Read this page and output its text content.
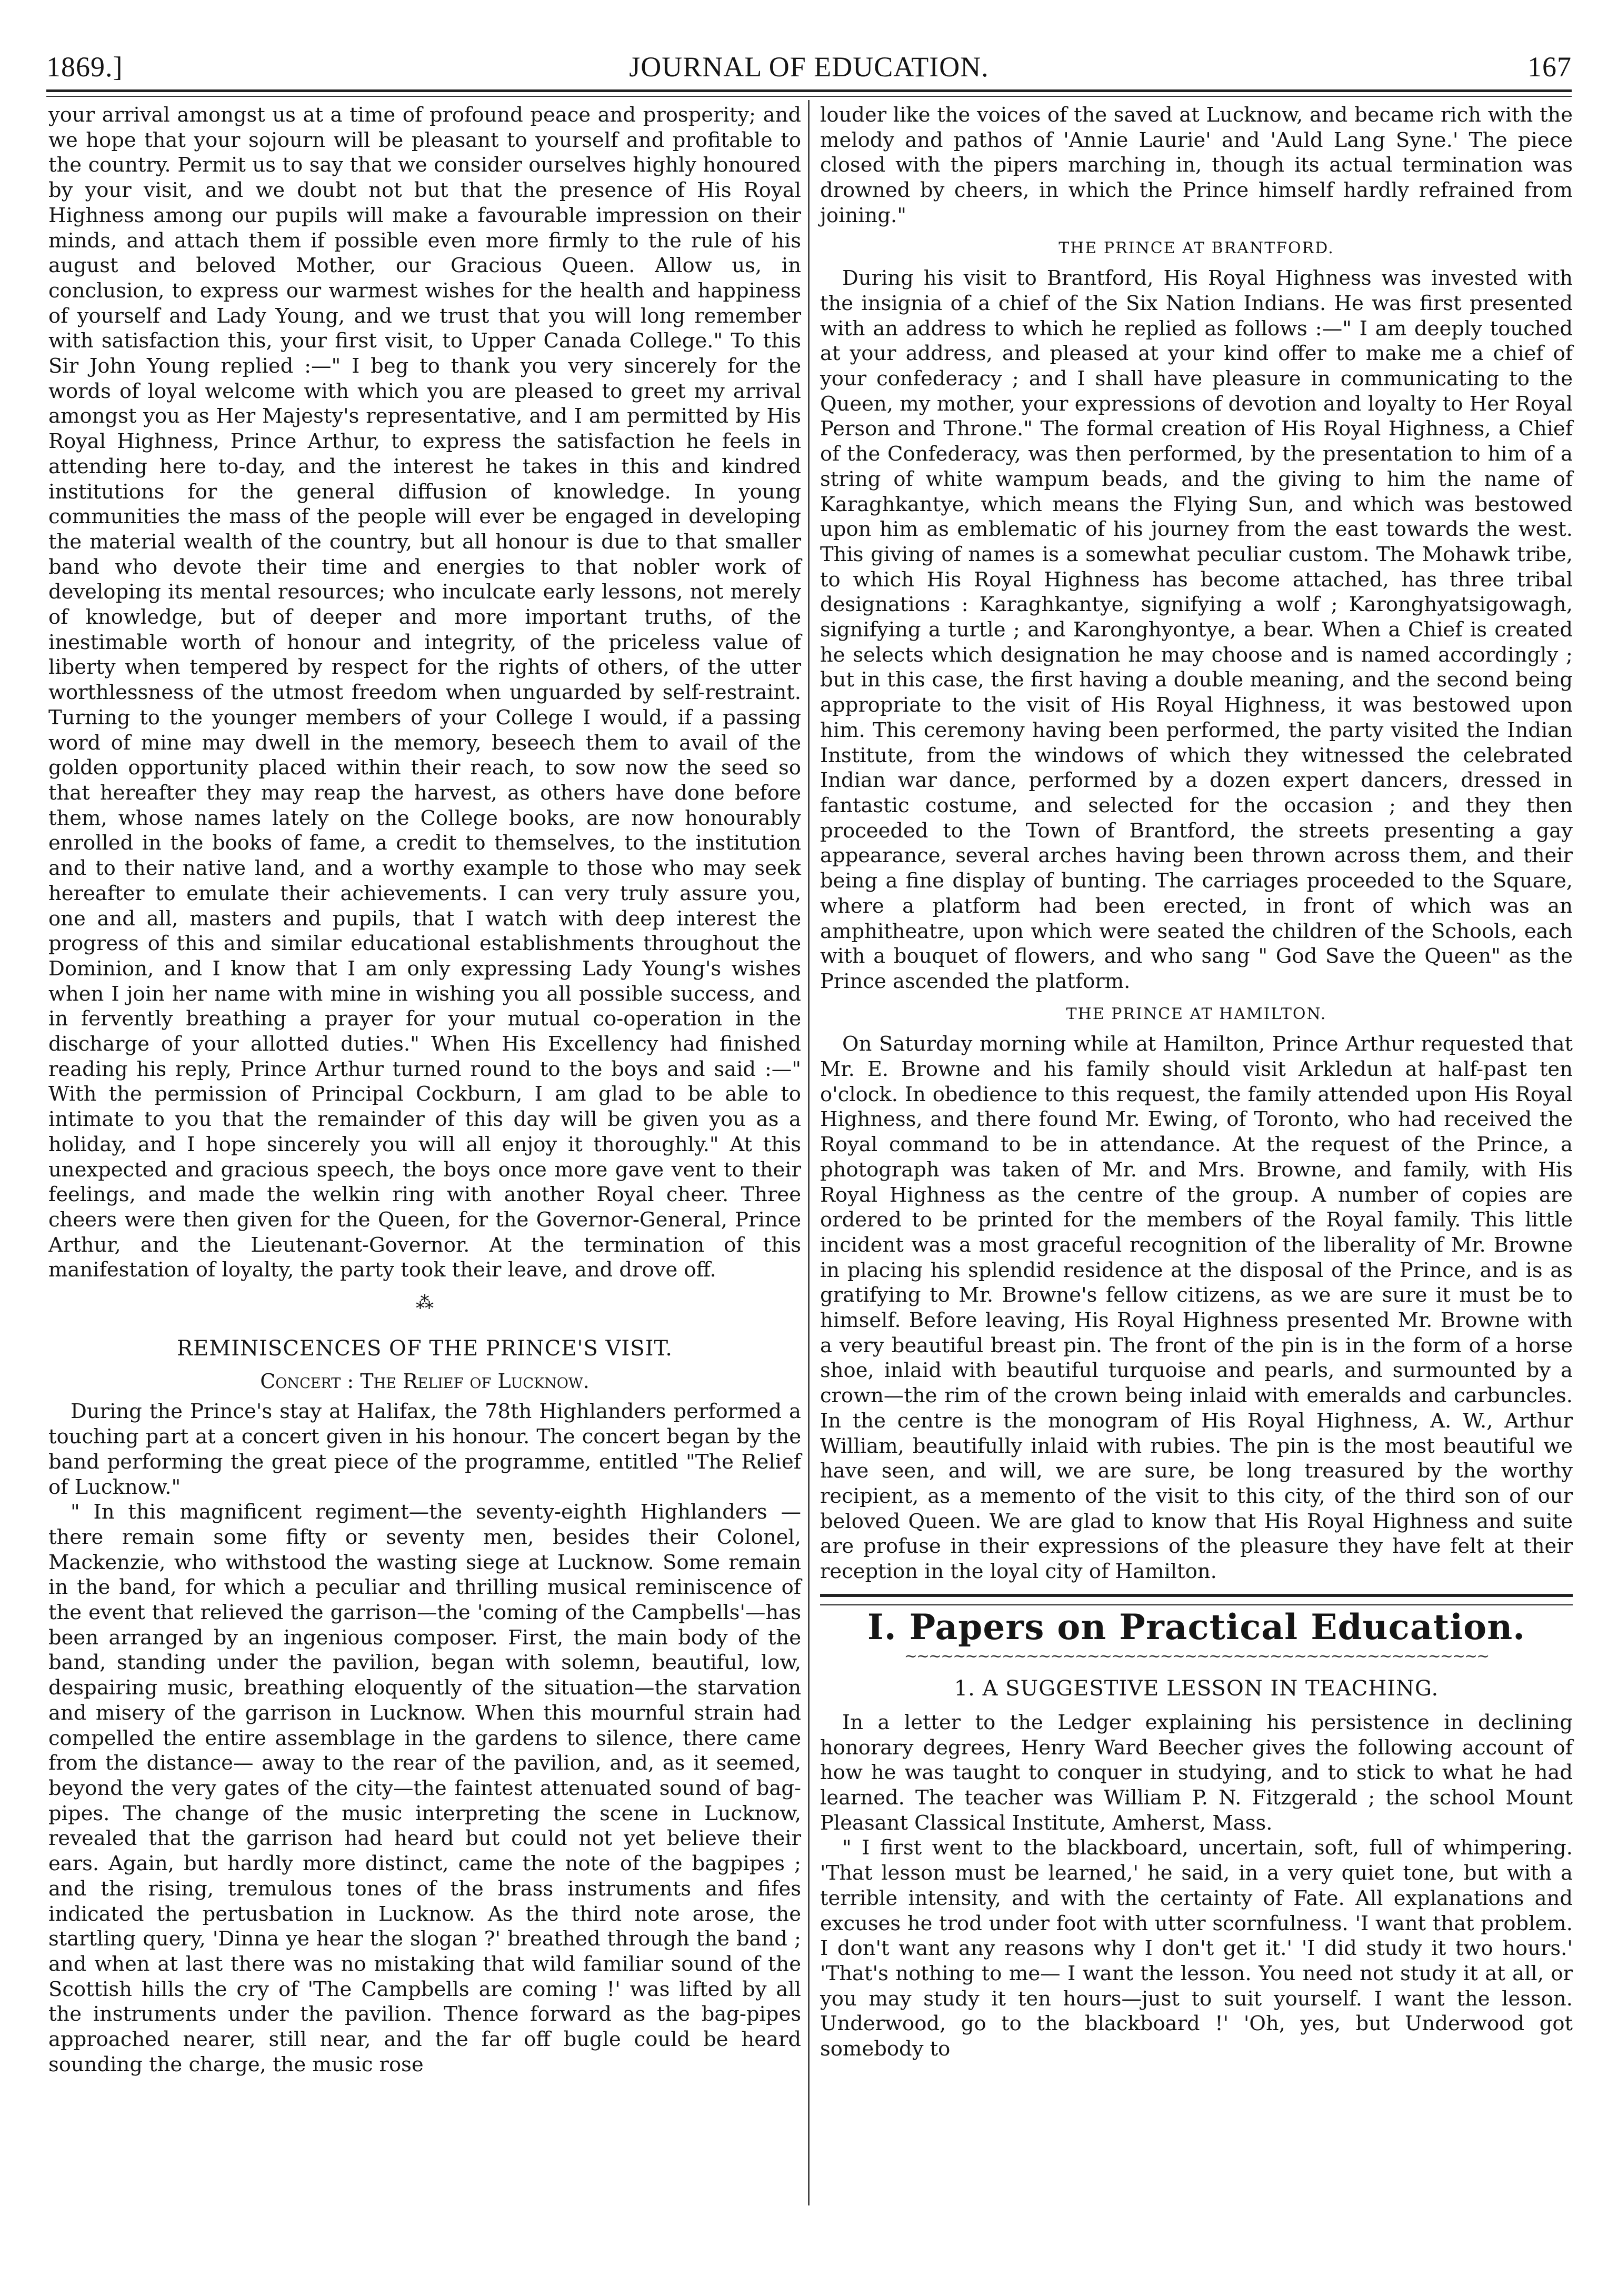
1869.]	JOURNAL OF EDUCATION.	167

your arrival amongst us at a time of profound peace and prosperity; and we hope that your sojourn will be pleasant to yourself and profitable to the country. Permit us to say that we consider ourselves highly honoured by your visit, and we doubt not but that the presence of His Royal Highness among our pupils will make a favourable impression on their minds, and attach them if possible even more firmly to the rule of his august and beloved Mother, our Gracious Queen. Allow us, in conclusion, to express our warmest wishes for the health and happiness of yourself and Lady Young, and we trust that you will long remember with satisfaction this, your first visit, to Upper Canada College." To this Sir John Young replied :—" I beg to thank you very sincerely for the words of loyal welcome with which you are pleased to greet my arrival amongst you as Her Majesty's representative, and I am permitted by His Royal Highness, Prince Arthur, to express the satisfaction he feels in attending here to-day, and the interest he takes in this and kindred institutions for the general diffusion of knowledge. In young communities the mass of the people will ever be engaged in developing the material wealth of the country, but all honour is due to that smaller band who devote their time and energies to that nobler work of developing its mental resources; who inculcate early lessons, not merely of knowledge, but of deeper and more important truths, of the inestimable worth of honour and integrity, of the priceless value of liberty when tempered by respect for the rights of others, of the utter worthlessness of the utmost freedom when unguarded by self-restraint. Turning to the younger members of your College I would, if a passing word of mine may dwell in the memory, beseech them to avail of the golden opportunity placed within their reach, to sow now the seed so that hereafter they may reap the harvest, as others have done before them, whose names lately on the College books, are now honourably enrolled in the books of fame, a credit to themselves, to the institution and to their native land, and a worthy example to those who may seek hereafter to emulate their achievements. I can very truly assure you, one and all, masters and pupils, that I watch with deep interest the progress of this and similar educational establishments throughout the Dominion, and I know that I am only expressing Lady Young's wishes when I join her name with mine in wishing you all possible success, and in fervently breathing a prayer for your mutual co-operation in the discharge of your allotted duties." When His Excellency had finished reading his reply, Prince Arthur turned round to the boys and said :—" With the permission of Principal Cockburn, I am glad to be able to intimate to you that the remainder of this day will be given you as a holiday, and I hope sincerely you will all enjoy it thoroughly." At this unexpected and gracious speech, the boys once more gave vent to their feelings, and made the welkin ring with another Royal cheer. Three cheers were then given for the Queen, for the Governor-General, Prince Arthur, and the Lieutenant-Governor. At the termination of this manifestation of loyalty, the party took their leave, and drove off.

⁂
REMINISCENCES OF THE PRINCE'S VISIT.
Concert : The Relief of Lucknow.

During the Prince's stay at Halifax, the 78th Highlanders performed a touching part at a concert given in his honour. The concert began by the band performing the great piece of the programme, entitled "The Relief of Lucknow."

" In this magnificent regiment—the seventy-eighth Highlanders —there remain some fifty or seventy men, besides their Colonel, Mackenzie, who withstood the wasting siege at Lucknow. Some remain in the band, for which a peculiar and thrilling musical reminiscence of the event that relieved the garrison—the 'coming of the Campbells'—has been arranged by an ingenious composer. First, the main body of the band, standing under the pavilion, began with solemn, beautiful, low, despairing music, breathing eloquently of the situation—the starvation and misery of the garrison in Lucknow. When this mournful strain had compelled the entire assemblage in the gardens to silence, there came from the distance— away to the rear of the pavilion, and, as it seemed, beyond the very gates of the city—the faintest attenuated sound of bag-pipes. The change of the music interpreting the scene in Lucknow, revealed that the garrison had heard but could not yet believe their ears. Again, but hardly more distinct, came the note of the bagpipes ; and the rising, tremulous tones of the brass instruments and fifes indicated the pertusbation in Lucknow. As the third note arose, the startling query, 'Dinna ye hear the slogan ?' breathed through the band ; and when at last there was no mistaking that wild familiar sound of the Scottish hills the cry of 'The Campbells are coming !' was lifted by all the instruments under the pavilion. Thence forward as the bag-pipes approached nearer, still near, and the far off bugle could be heard sounding the charge, the music rose

louder like the voices of the saved at Lucknow, and became rich with the melody and pathos of 'Annie Laurie' and 'Auld Lang Syne.' The piece closed with the pipers marching in, though its actual termination was drowned by cheers, in which the Prince himself hardly refrained from joining."

THE PRINCE AT BRANTFORD.

During his visit to Brantford, His Royal Highness was invested with the insignia of a chief of the Six Nation Indians. He was first presented with an address to which he replied as follows :—" I am deeply touched at your address, and pleased at your kind offer to make me a chief of your confederacy ; and I shall have pleasure in communicating to the Queen, my mother, your expressions of devotion and loyalty to Her Royal Person and Throne." The formal creation of His Royal Highness, a Chief of the Confederacy, was then performed, by the presentation to him of a string of white wampum beads, and the giving to him the name of Karaghkantye, which means the Flying Sun, and which was bestowed upon him as emblematic of his journey from the east towards the west. This giving of names is a somewhat peculiar custom. The Mohawk tribe, to which His Royal Highness has become attached, has three tribal designations : Karaghkantye, signifying a wolf ; Karonghyatsigowagh, signifying a turtle ; and Karonghyontye, a bear. When a Chief is created he selects which designation he may choose and is named accordingly ; but in this case, the first having a double meaning, and the second being appropriate to the visit of His Royal Highness, it was bestowed upon him. This ceremony having been performed, the party visited the Indian Institute, from the windows of which they witnessed the celebrated Indian war dance, performed by a dozen expert dancers, dressed in fantastic costume, and selected for the occasion ; and they then proceeded to the Town of Brantford, the streets presenting a gay appearance, several arches having been thrown across them, and their being a fine display of bunting. The carriages proceeded to the Square, where a platform had been erected, in front of which was an amphitheatre, upon which were seated the children of the Schools, each with a bouquet of flowers, and who sang " God Save the Queen" as the Prince ascended the platform.

THE PRINCE AT HAMILTON.

On Saturday morning while at Hamilton, Prince Arthur requested that Mr. E. Browne and his family should visit Arkledun at half-past ten o'clock. In obedience to this request, the family attended upon His Royal Highness, and there found Mr. Ewing, of Toronto, who had received the Royal command to be in attendance. At the request of the Prince, a photograph was taken of Mr. and Mrs. Browne, and family, with His Royal Highness as the centre of the group. A number of copies are ordered to be printed for the members of the Royal family. This little incident was a most graceful recognition of the liberality of Mr. Browne in placing his splendid residence at the disposal of the Prince, and is as gratifying to Mr. Browne's fellow citizens, as we are sure it must be to himself. Before leaving, His Royal Highness presented Mr. Browne with a very beautiful breast pin. The front of the pin is in the form of a horse shoe, inlaid with beautiful turquoise and pearls, and surmounted by a crown—the rim of the crown being inlaid with emeralds and carbuncles. In the centre is the monogram of His Royal Highness, A. W., Arthur William, beautifully inlaid with rubies. The pin is the most beautiful we have seen, and will, we are sure, be long treasured by the worthy recipient, as a memento of the visit to this city, of the third son of our beloved Queen. We are glad to know that His Royal Highness and suite are profuse in their expressions of the pleasure they have felt at their reception in the loyal city of Hamilton.

I. Papers on Practical Education.
~~~~~~~~~~~~~~~~~~~~~~~~~~~~~~~~~~~~~~~~~~~~~~~~
1. A SUGGESTIVE LESSON IN TEACHING.

In a letter to the Ledger explaining his persistence in declining honorary degrees, Henry Ward Beecher gives the following account of how he was taught to conquer in studying, and to stick to what he had learned. The teacher was William P. N. Fitzgerald ; the school Mount Pleasant Classical Institute, Amherst, Mass.

" I first went to the blackboard, uncertain, soft, full of whimpering. 'That lesson must be learned,' he said, in a very quiet tone, but with a terrible intensity, and with the certainty of Fate. All explanations and excuses he trod under foot with utter scornfulness. 'I want that problem. I don't want any reasons why I don't get it.' 'I did study it two hours.' 'That's nothing to me— I want the lesson. You need not study it at all, or you may study it ten hours—just to suit yourself. I want the lesson. Underwood, go to the blackboard !' 'Oh, yes, but Underwood got somebody to
